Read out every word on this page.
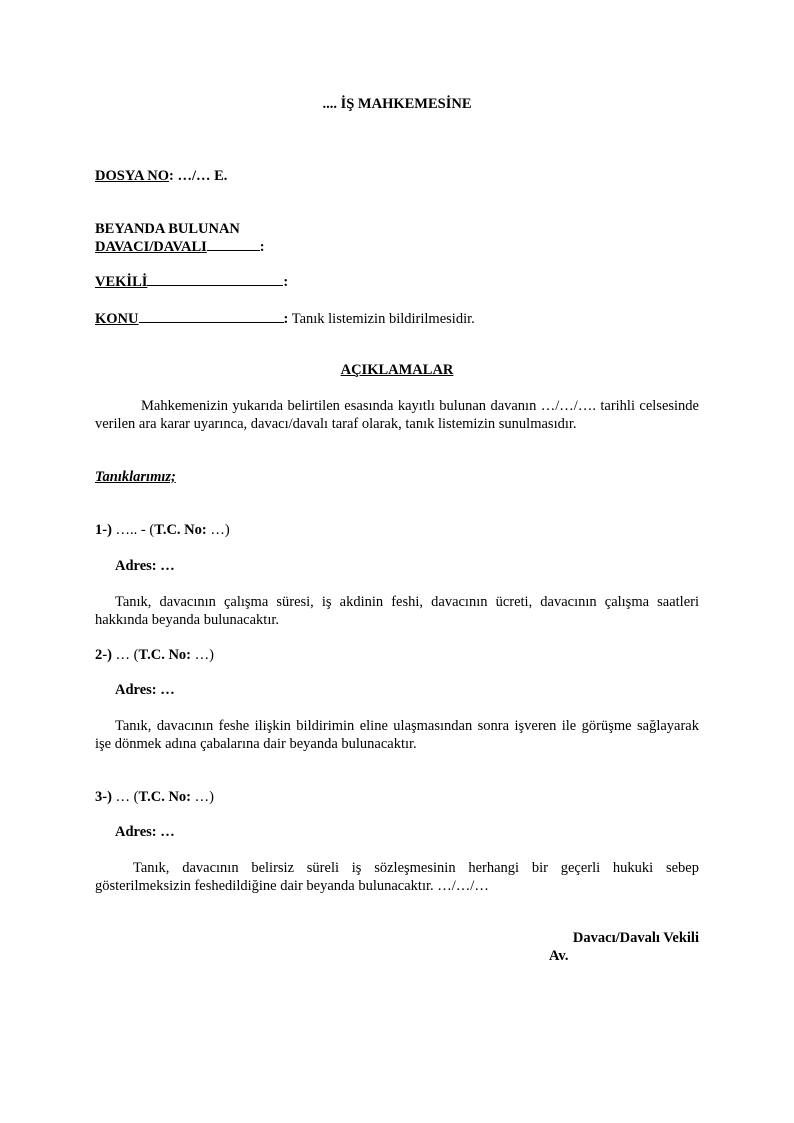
.... İŞ MAHKEMESİNE
DOSYA NO: …/… E.
BEYANDA BULUNAN
DAVACI/DAVALI	:
VEKİLİ	:
KONU	: Tanık listemizin bildirilmesidir.
AÇIKLAMALAR
Mahkemenizin yukarıda belirtilen esasında kayıtlı bulunan davanın …/…/…. tarihli celsesinde verilen ara karar uyarınca, davacı/davalı taraf olarak, tanık listemizin sunulmasıdır.
Tanıklarımız;
1-) ….. - (T.C. No: …)
Adres: …
Tanık, davacının çalışma süresi, iş akdinin feshi, davacının ücreti, davacının çalışma saatleri hakkında beyanda bulunacaktır.
2-) … (T.C. No: …)
Adres: …
Tanık, davacının feshe ilişkin bildirimin eline ulaşmasından sonra işveren ile görüşme sağlayarak işe dönmek adına çabalarına dair beyanda bulunacaktır.
3-) … (T.C. No: …)
Adres: …
Tanık, davacının belirsiz süreli iş sözleşmesinin herhangi bir geçerli hukuki sebep gösterilmeksizin feshedildiğine dair beyanda bulunacaktır. …/…/…
Davacı/Davalı Vekili
Av.
